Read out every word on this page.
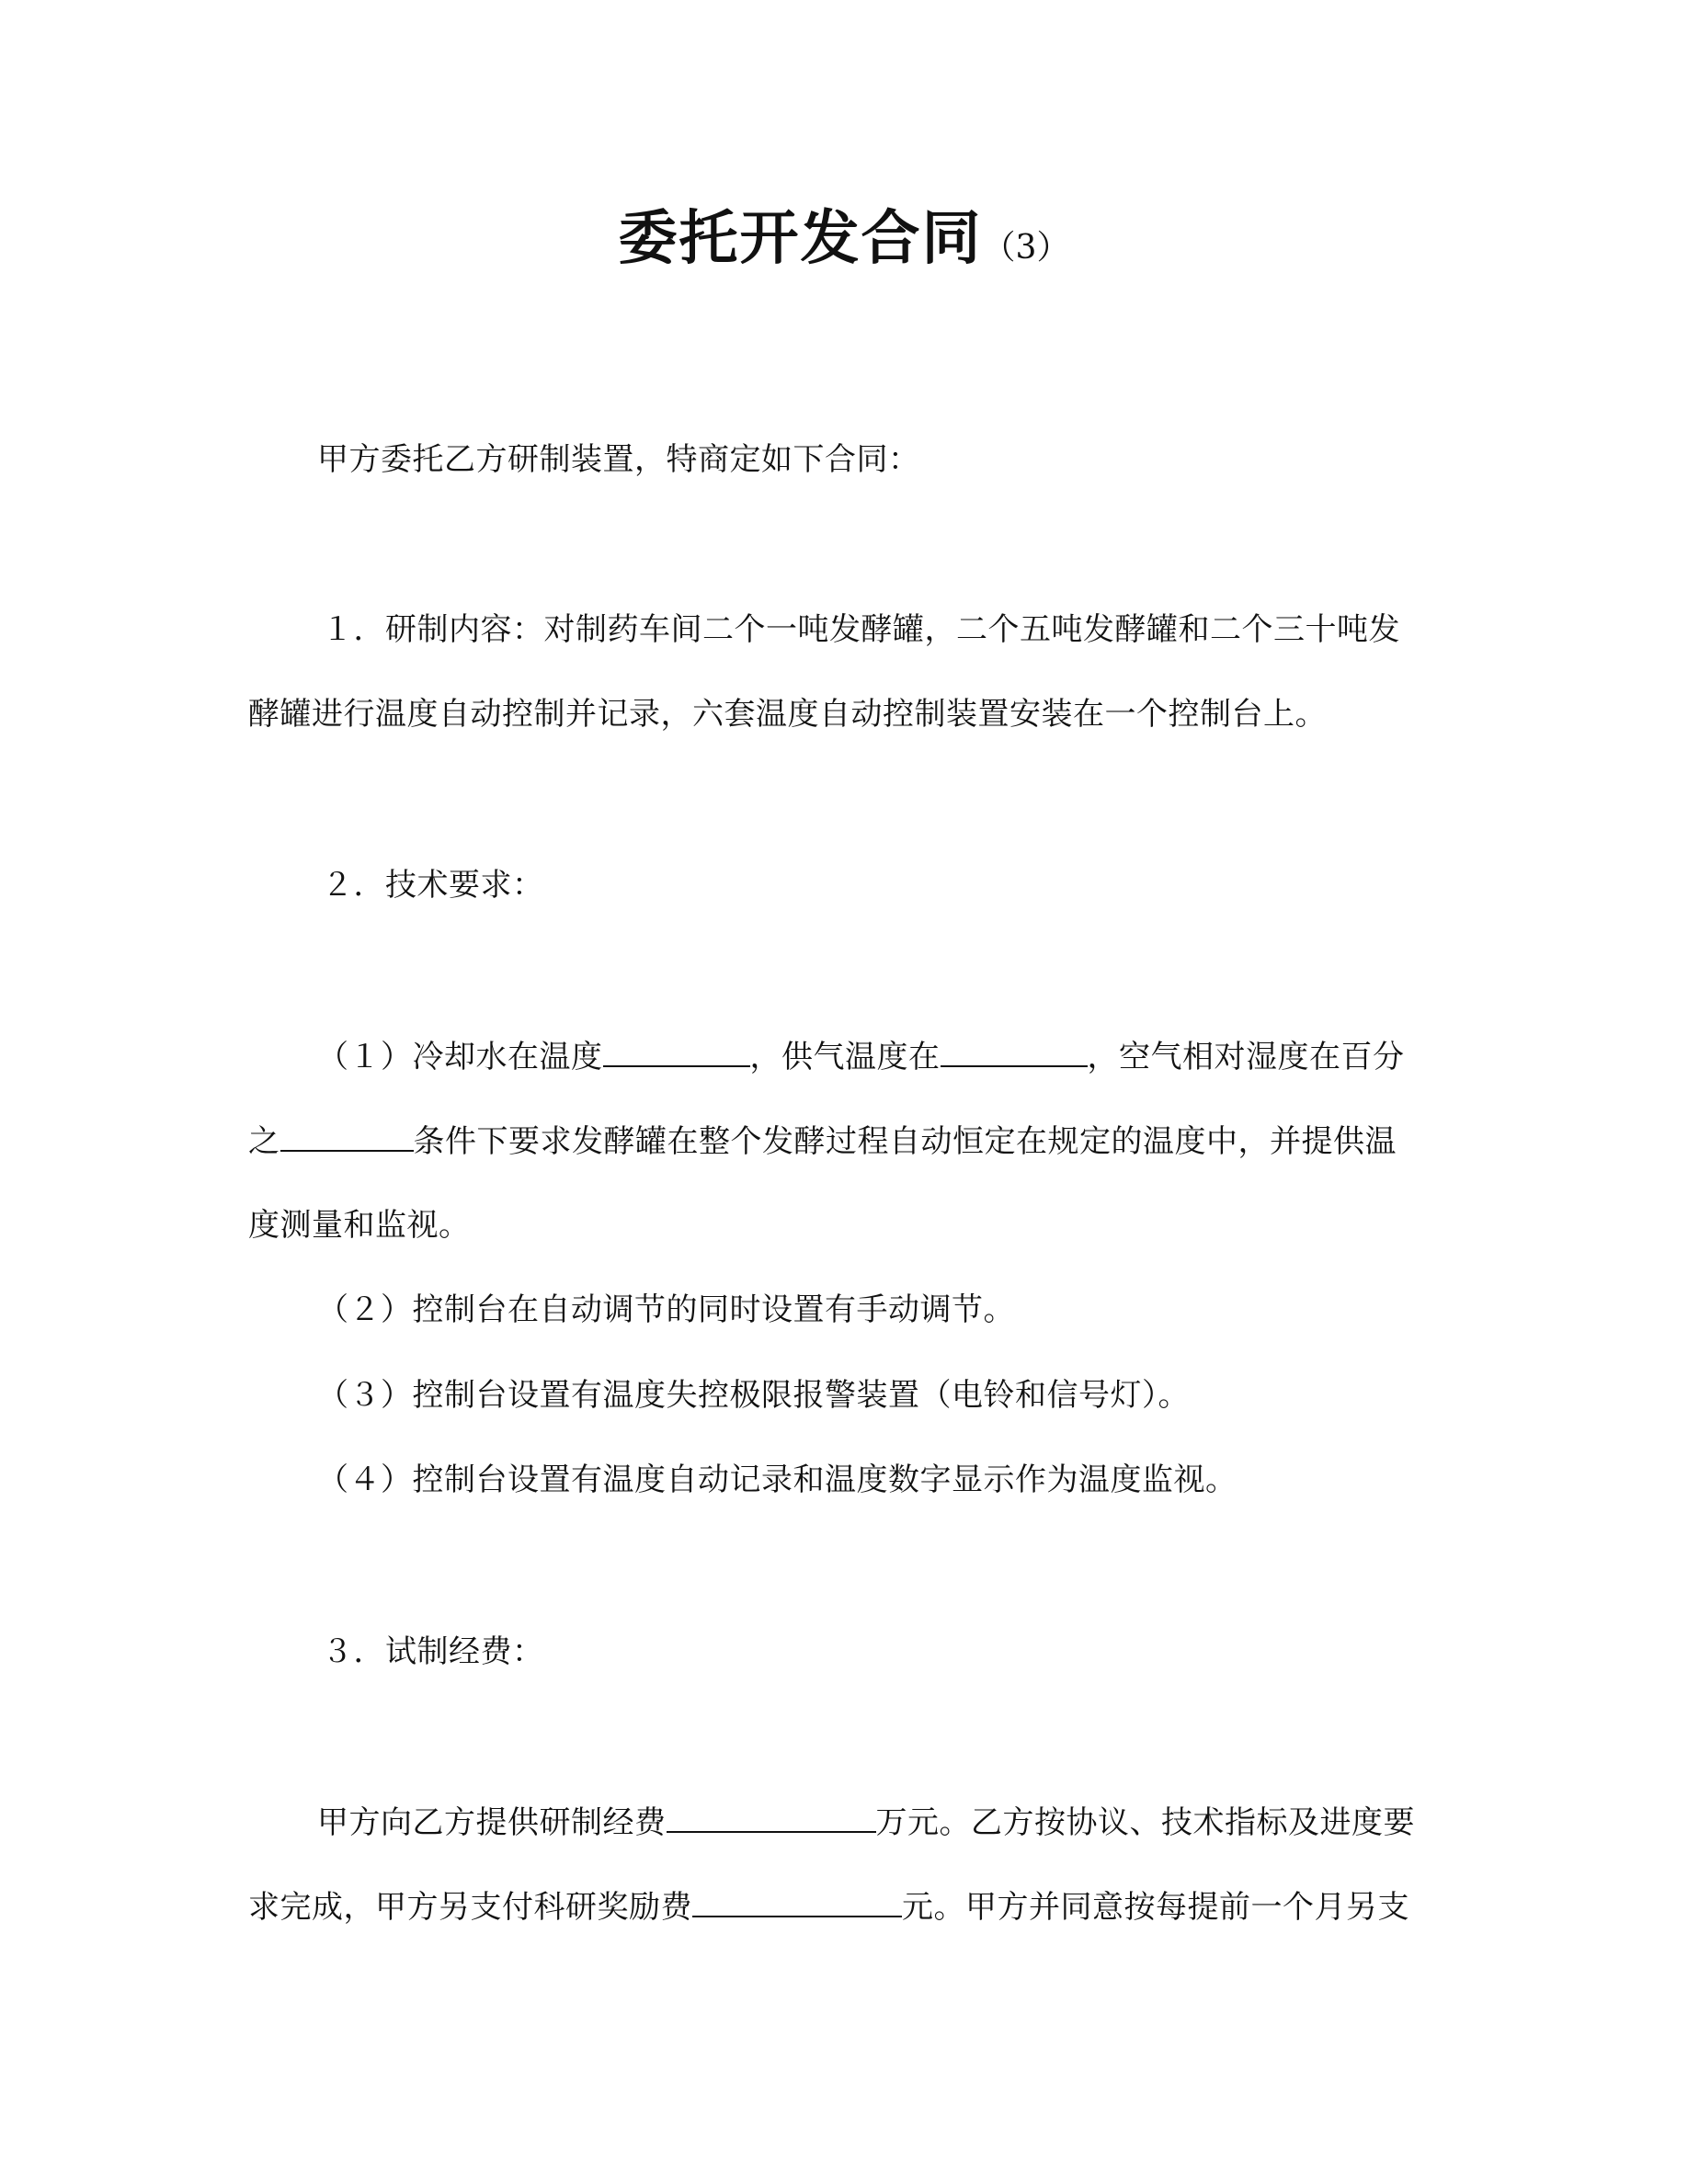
委托开发合同（3）
甲方委托乙方研制装置，特商定如下合同：
１．研制内容：对制药车间二个一吨发酵罐，二个五吨发酵罐和二个三十吨发
酵罐进行温度自动控制并记录，六套温度自动控制装置安装在一个控制台上。
２．技术要求：
（１）冷却水在温度	，供气温度在	，空气相对湿度在百分
之	条件下要求发酵罐在整个发酵过程自动恒定在规定的温度中，并提供温
度测量和监视。
（２）控制台在自动调节的同时设置有手动调节。
（３）控制台设置有温度失控极限报警装置（电铃和信号灯）。
（４）控制台设置有温度自动记录和温度数字显示作为温度监视。
３．试制经费：
甲方向乙方提供研制经费	万元。乙方按协议、技术指标及进度要
求完成，甲方另支付科研奖励费	元。甲方并同意按每提前一个月另支
